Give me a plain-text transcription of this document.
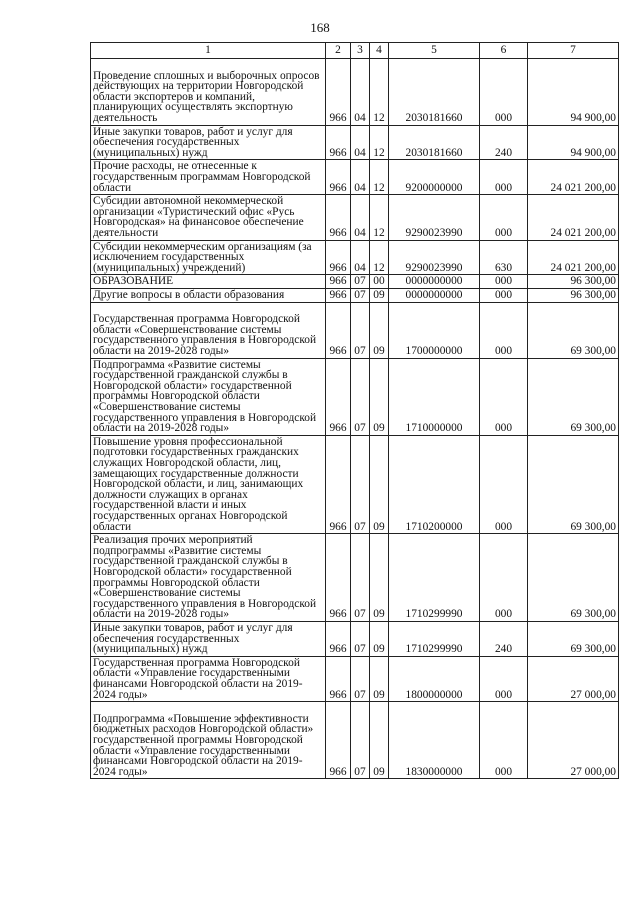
168
1	2	3	4	5	6	7
Проведение сплошных и выборочных опросов действующих на территории Новгородской области экспортеров и компаний, планирующих осуществлять экспортную деятельность	966	04	12	2030181660	000	94 900,00
Иные закупки товаров, работ и услуг для обеспечения государственных (муниципальных) нужд	966	04	12	2030181660	240	94 900,00
Прочие расходы, не отнесенные к государственным программам Новгородской области	966	04	12	9200000000	000	24 021 200,00
Субсидии автономной некоммерческой организации «Туристический офис «Русь Новгородская» на финансовое обеспечение деятельности	966	04	12	9290023990	000	24 021 200,00
Субсидии некоммерческим организациям (за исключением государственных (муниципальных) учреждений)	966	04	12	9290023990	630	24 021 200,00
ОБРАЗОВАНИЕ	966	07	00	0000000000	000	96 300,00
Другие вопросы в области образования	966	07	09	0000000000	000	96 300,00
Государственная программа Новгородской области «Совершенствование системы государственного управления в Новгородской области на 2019-2028 годы»	966	07	09	1700000000	000	69 300,00
Подпрограмма «Развитие системы государственной гражданской службы в Новгородской области» государственной программы Новгородской области «Совершенствование системы государственного управления в Новгородской области на 2019-2028 годы»	966	07	09	1710000000	000	69 300,00
Повышение уровня профессиональной подготовки государственных гражданских служащих Новгородской области, лиц, замещающих государственные должности Новгородской области, и лиц, занимающих должности служащих в органах государственной власти и иных государственных органах Новгородской области	966	07	09	1710200000	000	69 300,00
Реализация прочих мероприятий подпрограммы «Развитие системы государственной гражданской службы в Новгородской области» государственной программы Новгородской области «Совершенствование системы государственного управления в Новгородской области на 2019-2028 годы»	966	07	09	1710299990	000	69 300,00
Иные закупки товаров, работ и услуг для обеспечения государственных (муниципальных) нужд	966	07	09	1710299990	240	69 300,00
Государственная программа Новгородской области «Управление государственными финансами Новгородской области на 2019-2024 годы»	966	07	09	1800000000	000	27 000,00
Подпрограмма «Повышение эффективности бюджетных расходов Новгородской области» государственной программы Новгородской области «Управление государственными финансами Новгородской области на 2019-2024 годы»	966	07	09	1830000000	000	27 000,00
